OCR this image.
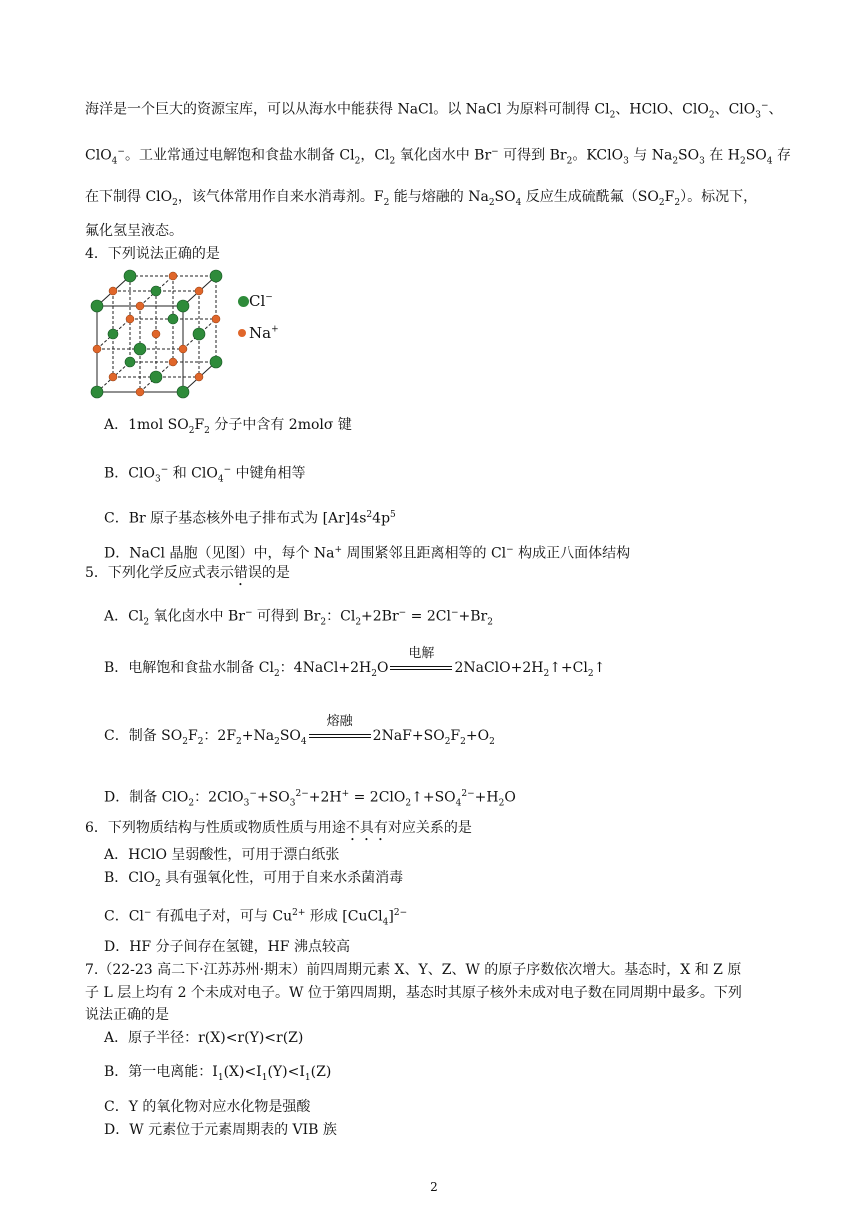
海洋是一个巨大的资源宝库，可以从海水中能获得 NaCl。以 NaCl 为原料可制得 $Cl_2$、HClO、ClO$_2$、ClO$_3$−、
ClO$_4$−。工业常通过电解饱和食盐水制备 $Cl_2$，$Cl_2$ 氧化卤水中 Br− 可得到 $Br_2$。KClO$_3$ 与 $Na_2SO_3$ 在 $H_2SO_4$ 存
在下制得 ClO$_2$，该气体常用作自来水消毒剂。$F_2$ 能与熔融的 $Na_2SO_4$ 反应生成硫酰氟$(SO_2F_2)$。标况下，
氟化氢呈液态。
4．下列说法正确的是
Cl−
Na+
A．1mol $SO_2F_2$ 分子中含有 2molσ 键
B．ClO$_3$− 和 ClO$_4$− 中键角相等
C．Br 原子基态核外电子排布式为 $[Ar]4s^24p^5$
D．NaCl 晶胞（见图）中，每个 Na+ 周围紧邻且距离相等的 Cl− 构成正八面体结构
5．下列化学反应式表示错误的是
A．$Cl_2$ 氧化卤水中 Br− 可得到 $Br_2$：$Cl_2+2Br^- = 2Cl^-+Br_2$
B．电解饱和食盐水制备 $Cl_2$：$4NaCl+2H_2O$
电解
$2NaClO+2H_2↑+Cl_2↑$
C．制备 $SO_2F_2$：$2F_2+Na_2SO_4$
熔融
$2NaF+SO_2F_2+O_2$
D．制备 ClO$_2$：$2ClO_3^-+SO_3^{2-}+2H^+$ = $2ClO_2↑+SO_4^{2-}+H_2O$
6．下列物质结构与性质或物质性质与用途不具有对应关系的是
A．HClO 呈弱酸性，可用于漂白纸张
B．ClO$_2$ 具有强氧化性，可用于自来水杀菌消毒
C．Cl− 有孤电子对，可与 $Cu^{2+}$ 形成 [CuCl$_4$]$^{2-}$
D．HF 分子间存在氢键，HF 沸点较高
7.（22-23 高二下·江苏苏州·期末）前四周期元素 X、Y、Z、W 的原子序数依次增大。基态时，X 和 Z 原
子 L 层上均有 2 个未成对电子。W 位于第四周期，基态时其原子核外未成对电子数在同周期中最多。下列
说法正确的是
A．原子半径：r(X)<r(Y)<r(Z)
B．第一电离能：$I_1(X)<I_1(Y)<I_1(Z)$
C．Y 的氧化物对应水化物是强酸
D．W 元素位于元素周期表的 VIB 族
2
